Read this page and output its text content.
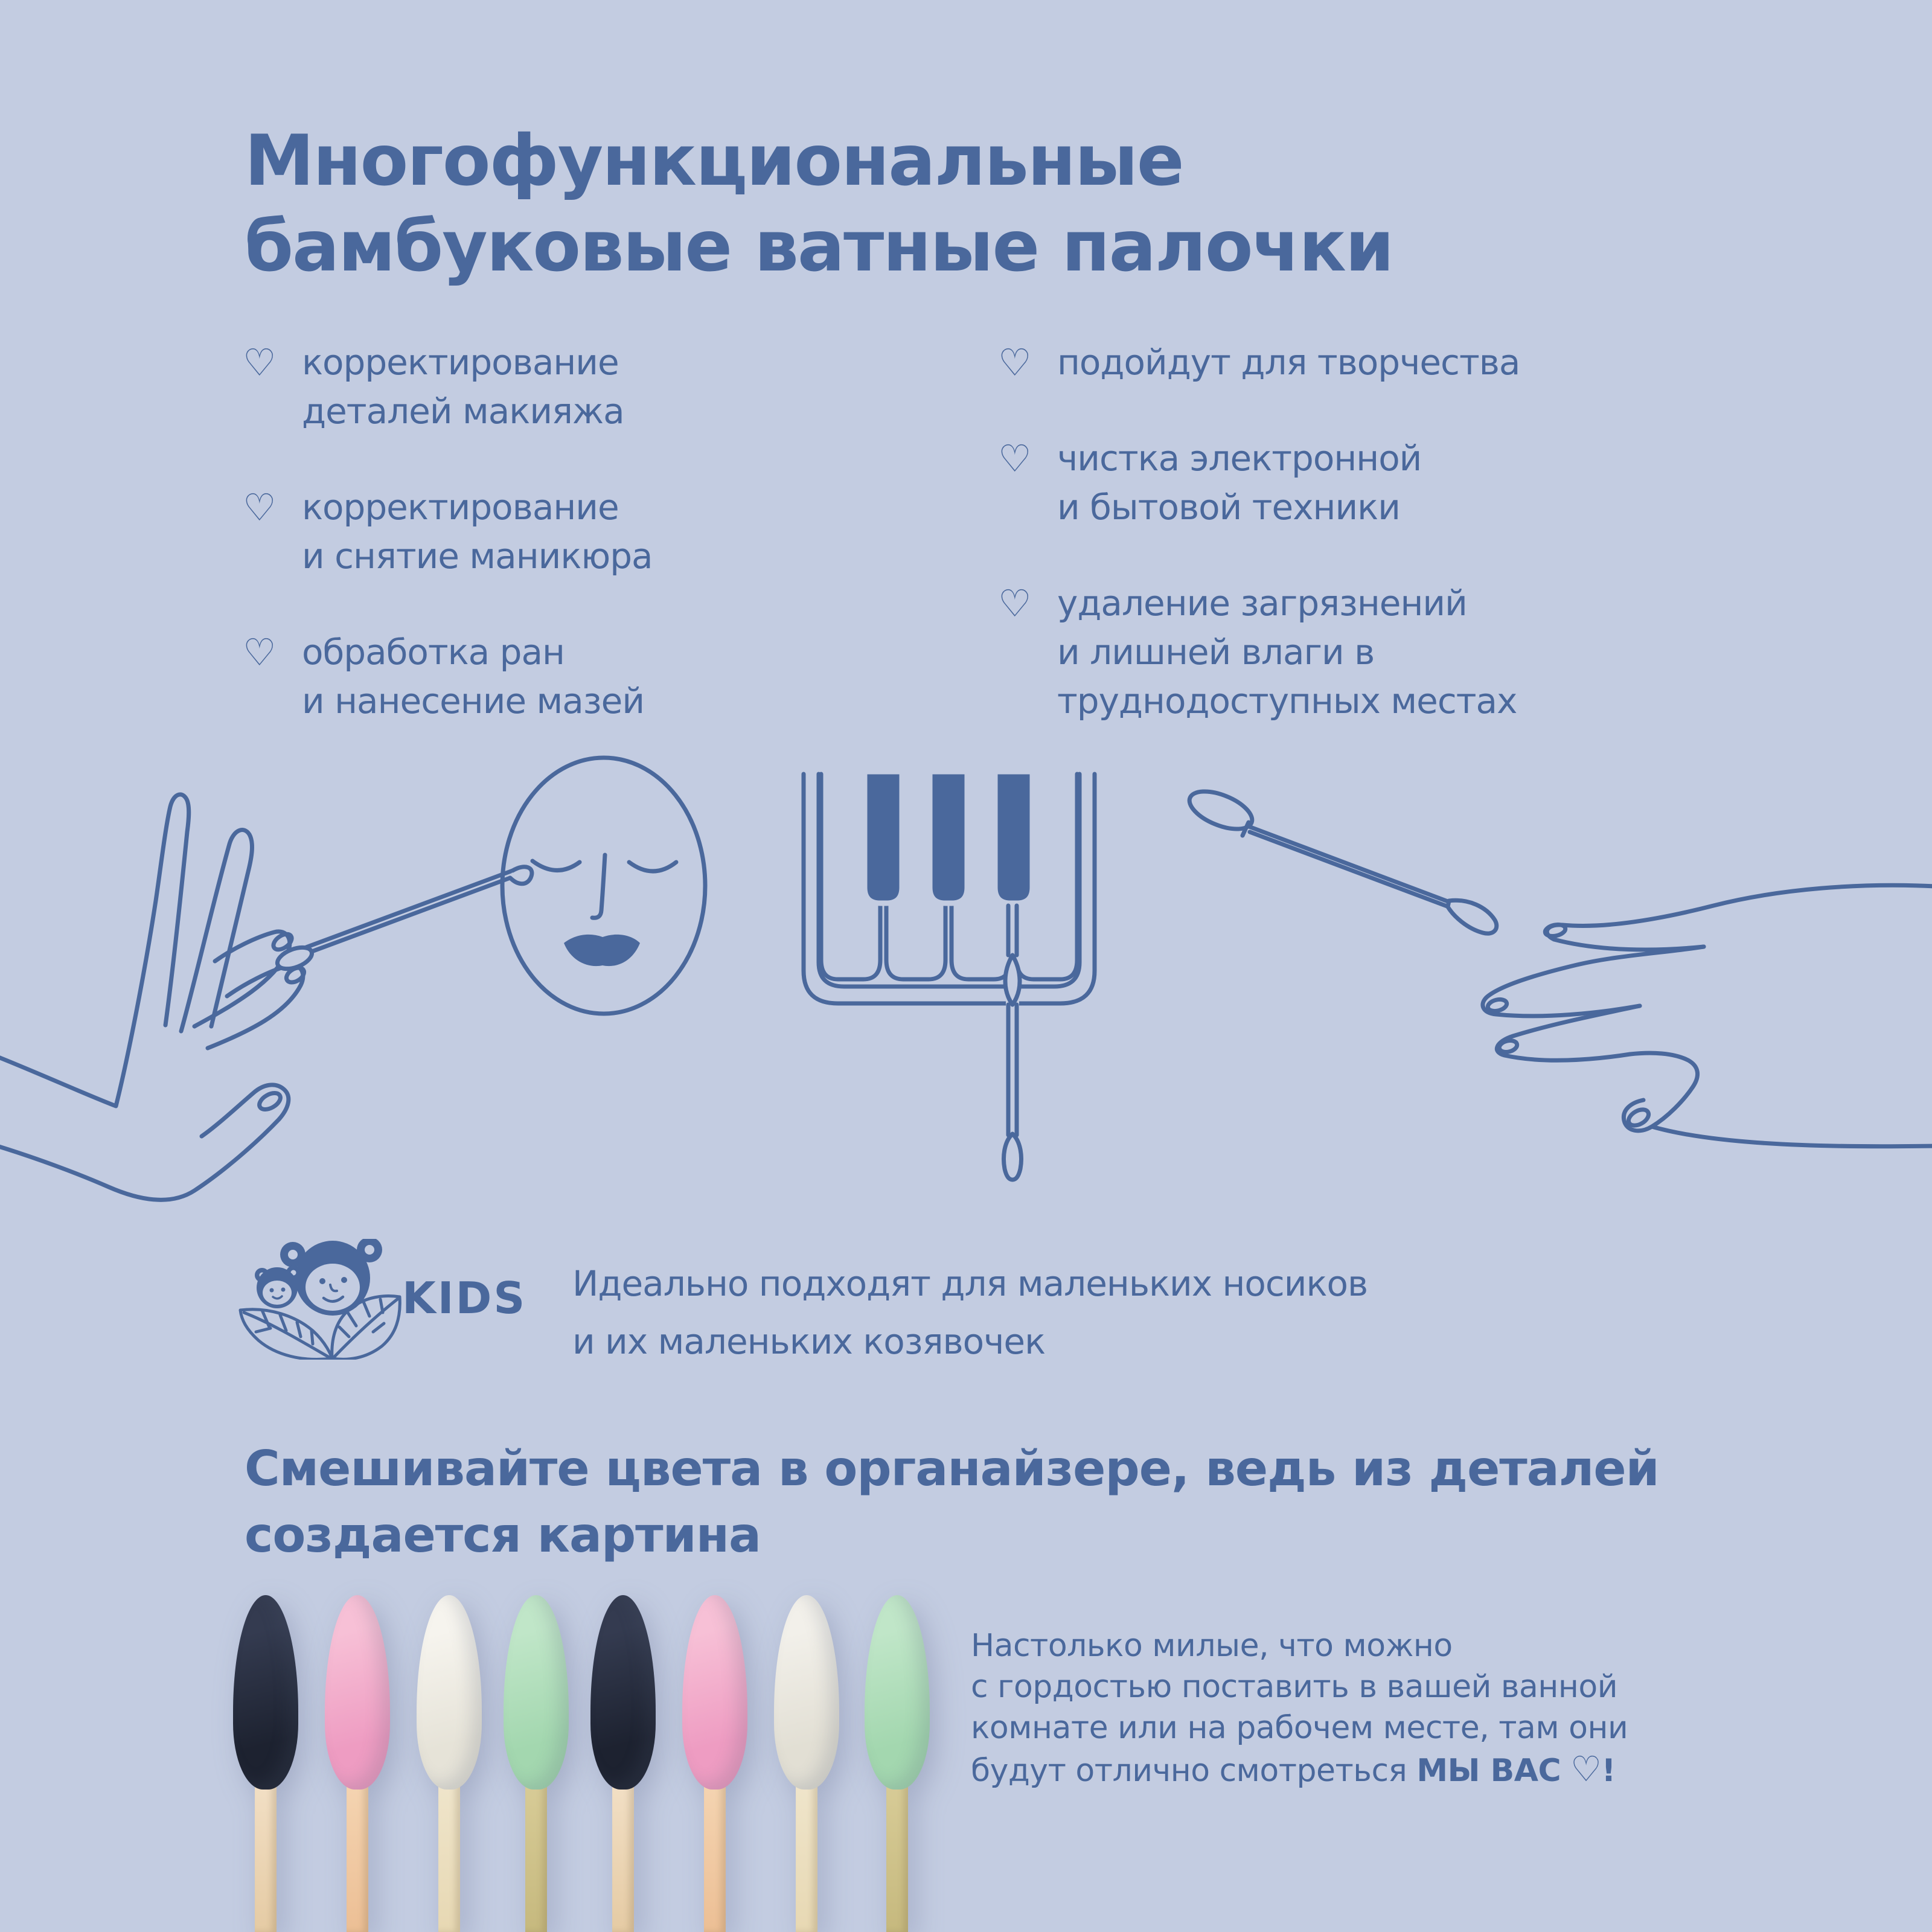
Многофункциональные
бамбуковые ватные палочки
♡ корректирование
деталей макияжа
♡ корректирование
и снятие маникюра
♡ обработка ран
и нанесение мазей
♡ подойдут для творчества
♡ чистка электронной
и бытовой техники
♡ удаление загрязнений
и лишней влаги в
труднодоступных местах
KIDS Идеально подходят для маленьких носиков
и их маленьких козявочек
Смешивайте цвета в органайзере, ведь из деталей
создается картина
Настолько милые, что можно
с гордостью поставить в вашей ванной
комнате или на рабочем месте, там они
будут отлично смотреться МЫ ВАС ♡!
